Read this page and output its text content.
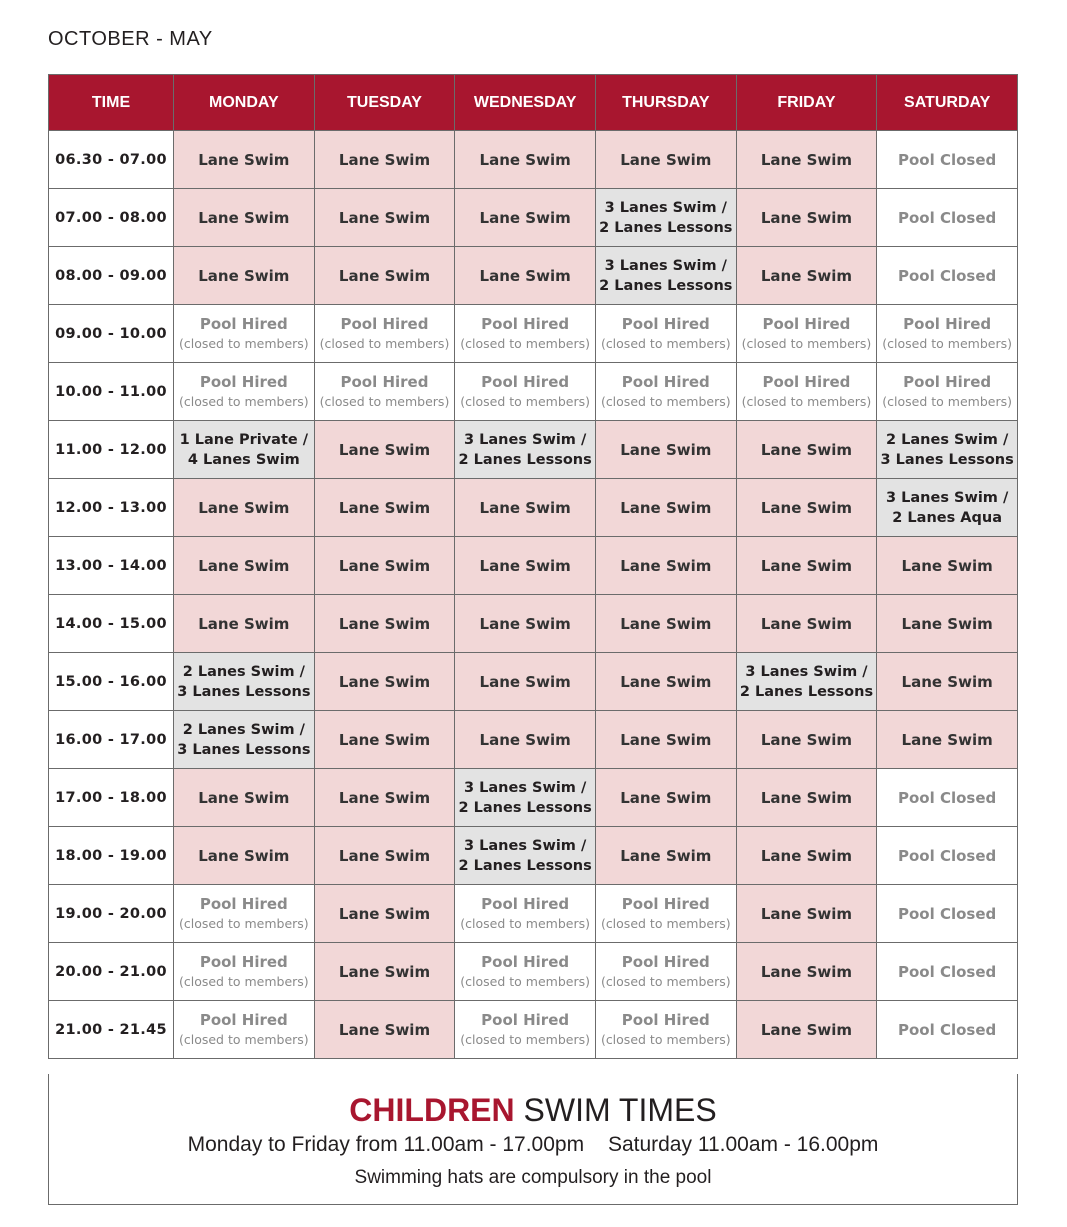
OCTOBER - MAY
TIME	MONDAY	TUESDAY	WEDNESDAY	THURSDAY	FRIDAY	SATURDAY
06.30 - 07.00	Lane Swim	Lane Swim	Lane Swim	Lane Swim	Lane Swim	Pool Closed
07.00 - 08.00	Lane Swim	Lane Swim	Lane Swim	3 Lanes Swim /
2 Lanes Lessons	Lane Swim	Pool Closed
08.00 - 09.00	Lane Swim	Lane Swim	Lane Swim	3 Lanes Swim /
2 Lanes Lessons	Lane Swim	Pool Closed
09.00 - 10.00	Pool Hired
(closed to members)	Pool Hired
(closed to members)	Pool Hired
(closed to members)	Pool Hired
(closed to members)	Pool Hired
(closed to members)	Pool Hired
(closed to members)

10.00 - 11.00	Pool Hired
(closed to members)	Pool Hired
(closed to members)	Pool Hired
(closed to members)	Pool Hired
(closed to members)	Pool Hired
(closed to members)	Pool Hired
(closed to members)

11.00 - 12.00	1 Lane Private /
4 Lanes Swim	Lane Swim	3 Lanes Swim /
2 Lanes Lessons	Lane Swim	Lane Swim	2 Lanes Swim /
3 Lanes Lessons
12.00 - 13.00	Lane Swim	Lane Swim	Lane Swim	Lane Swim	Lane Swim	3 Lanes Swim /
2 Lanes Aqua
13.00 - 14.00	Lane Swim	Lane Swim	Lane Swim	Lane Swim	Lane Swim	Lane Swim
14.00 - 15.00	Lane Swim	Lane Swim	Lane Swim	Lane Swim	Lane Swim	Lane Swim
15.00 - 16.00	2 Lanes Swim /
3 Lanes Lessons	Lane Swim	Lane Swim	Lane Swim	3 Lanes Swim /
2 Lanes Lessons	Lane Swim
16.00 - 17.00	2 Lanes Swim /
3 Lanes Lessons	Lane Swim	Lane Swim	Lane Swim	Lane Swim	Lane Swim
17.00 - 18.00	Lane Swim	Lane Swim	3 Lanes Swim /
2 Lanes Lessons	Lane Swim	Lane Swim	Pool Closed
18.00 - 19.00	Lane Swim	Lane Swim	3 Lanes Swim /
2 Lanes Lessons	Lane Swim	Lane Swim	Pool Closed
19.00 - 20.00	Pool Hired
(closed to members)	Lane Swim	Pool Hired
(closed to members)	Pool Hired
(closed to members)	Lane Swim	Pool Closed
20.00 - 21.00	Pool Hired
(closed to members)	Lane Swim	Pool Hired
(closed to members)	Pool Hired
(closed to members)	Lane Swim	Pool Closed
21.00 - 21.45	Pool Hired
(closed to members)	Lane Swim	Pool Hired
(closed to members)	Pool Hired
(closed to members)	Lane Swim	Pool Closed
CHILDREN SWIM TIMES
Monday to Friday from 11.00am - 17.00pm Saturday 11.00am - 16.00pm
Swimming hats are compulsory in the pool
